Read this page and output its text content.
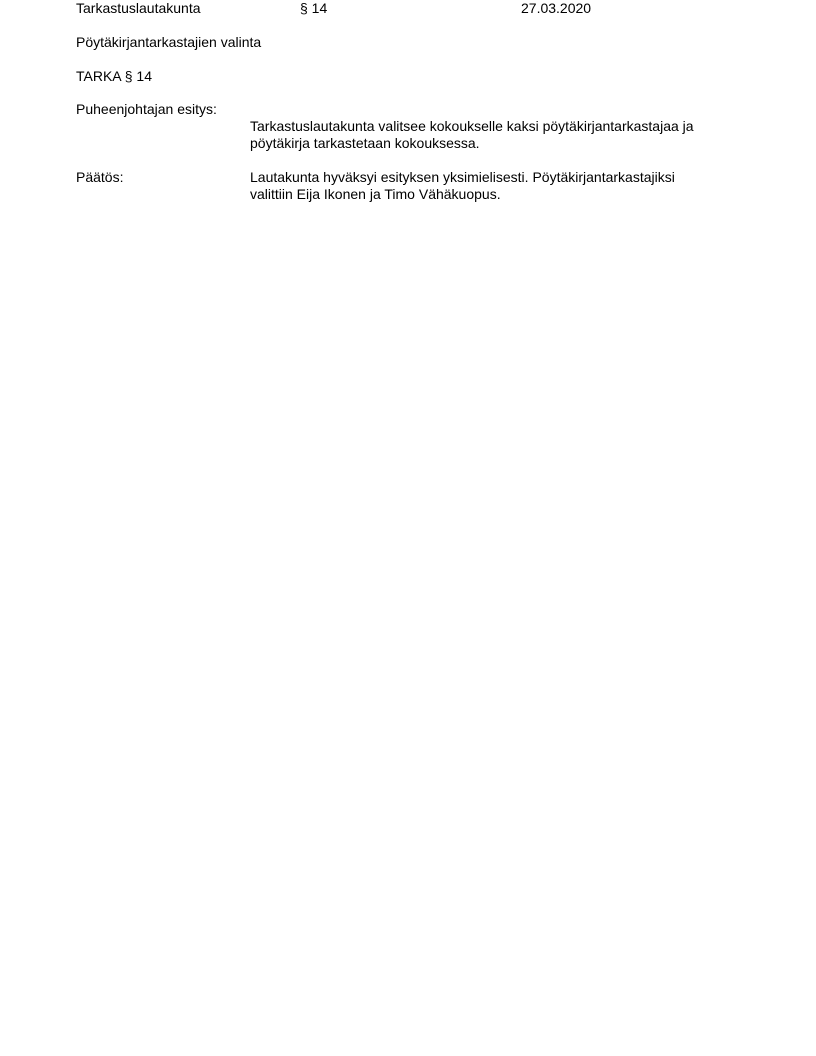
Tarkastuslautakunta	§ 14	27.03.2020
Pöytäkirjantarkastajien valinta
TARKA § 14
Puheenjohtajan esitys:
Tarkastuslautakunta valitsee kokoukselle kaksi pöytäkirjantarkastajaa ja
pöytäkirja tarkastetaan kokouksessa.
Päätös:	Lautakunta hyväksyi esityksen yksimielisesti. Pöytäkirjantarkastajiksi
valittiin Eija Ikonen ja Timo Vähäkuopus.
